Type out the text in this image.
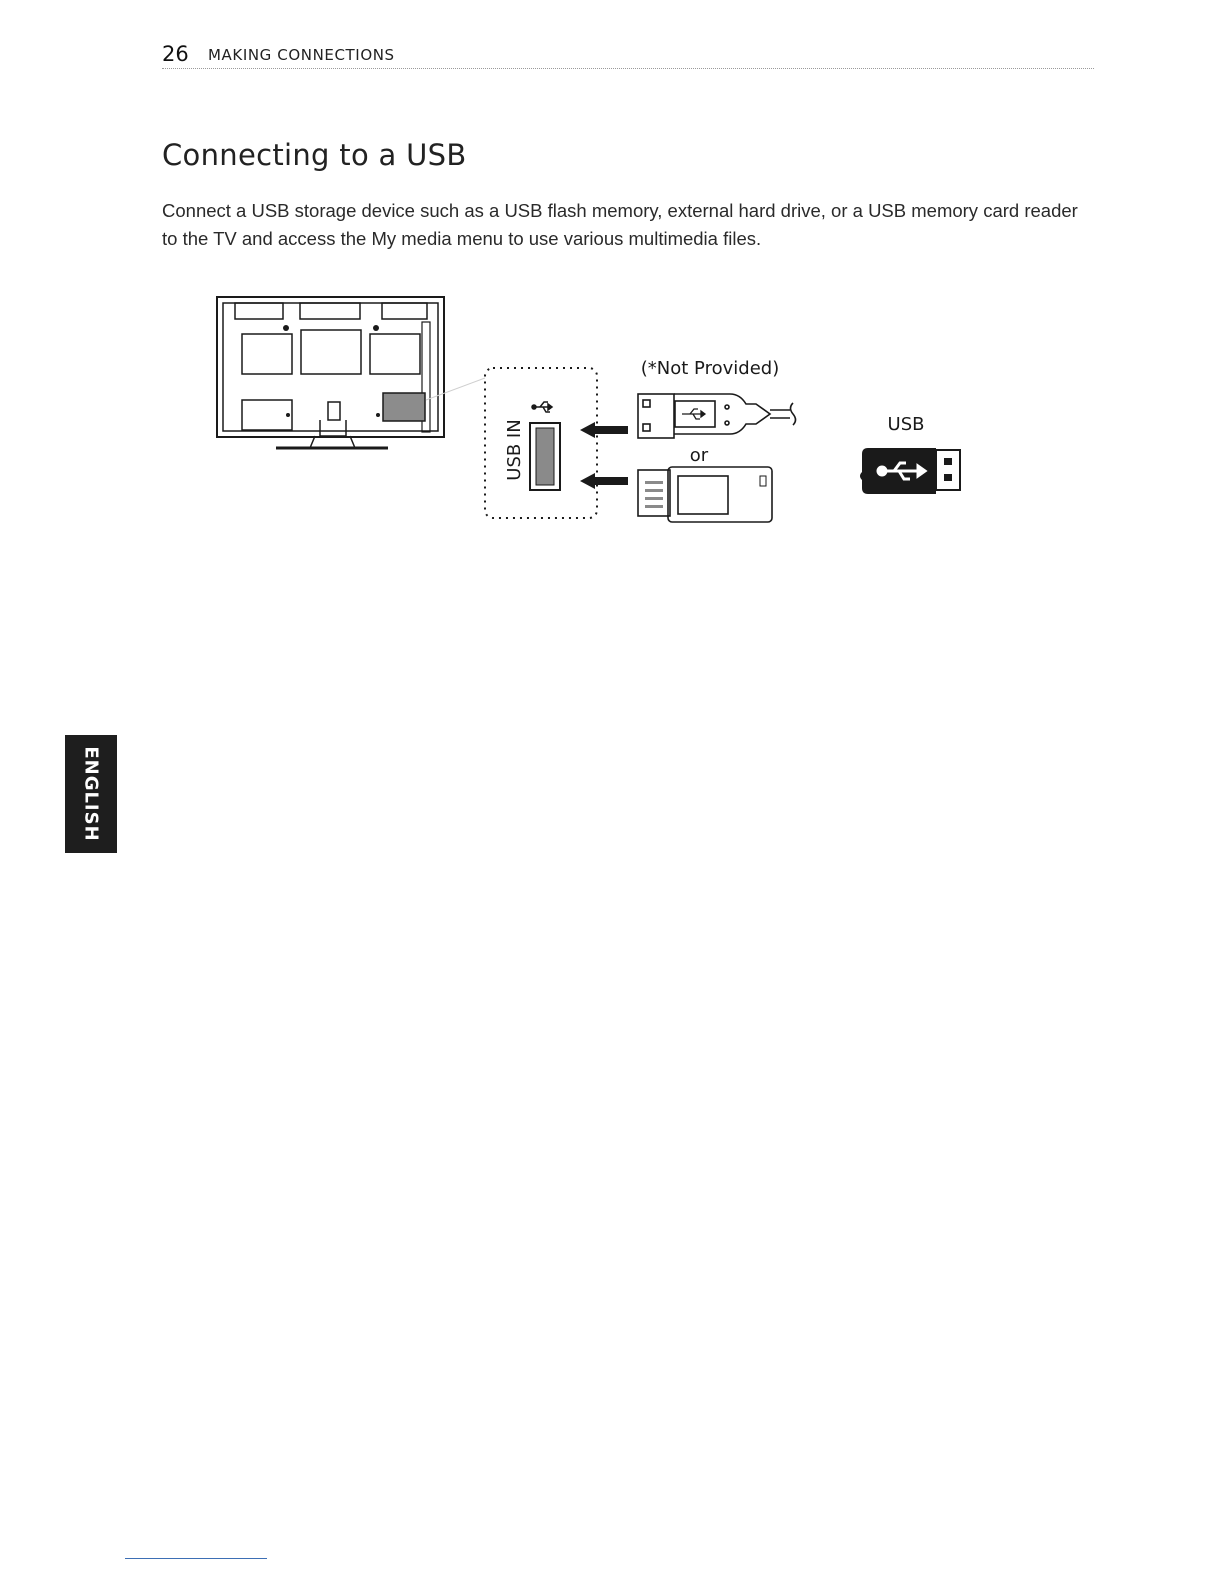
26 MAKING CONNECTIONS
Connecting to a USB

Connect a USB storage device such as a USB flash memory, external hard drive, or a USB memory card reader to the TV and access the My media menu to use various multimedia files.

USB IN
(*Not Provided)
or
USB
ENGLISH
